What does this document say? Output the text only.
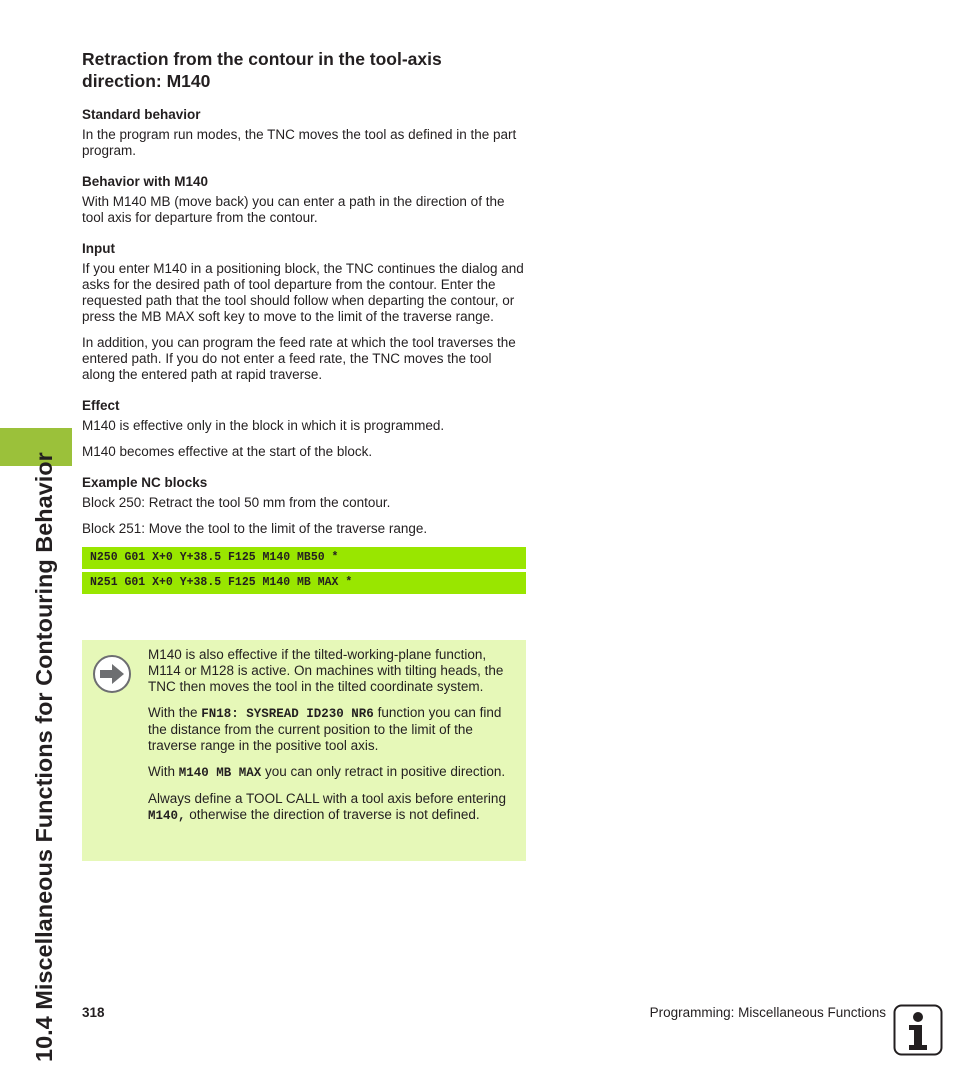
10.4 Miscellaneous Functions for Contouring Behavior
Retraction from the contour in the tool-axis direction: M140
Standard behavior

In the program run modes, the TNC moves the tool as defined in the part program.

Behavior with M140

With M140 MB (move back) you can enter a path in the direction of the tool axis for departure from the contour.

Input

If you enter M140 in a positioning block, the TNC continues the dialog and asks for the desired path of tool departure from the contour. Enter the requested path that the tool should follow when departing the contour, or press the MB MAX soft key to move to the limit of the traverse range.

In addition, you can program the feed rate at which the tool traverses the entered path. If you do not enter a feed rate, the TNC moves the tool along the entered path at rapid traverse.

Effect

M140 is effective only in the block in which it is programmed.

M140 becomes effective at the start of the block.

Example NC blocks

Block 250: Retract the tool 50 mm from the contour.

Block 251: Move the tool to the limit of the traverse range.

N250 G01 X+0 Y+38.5 F125 M140 MB50 *
N251 G01 X+0 Y+38.5 F125 M140 MB MAX *

M140 is also effective if the tilted-working-plane function, M114 or M128 is active. On machines with tilting heads, the TNC then moves the tool in the tilted coordinate system.

With the FN18: SYSREAD ID230 NR6 function you can find the distance from the current position to the limit of the traverse range in the positive tool axis.

With M140 MB MAX you can only retract in positive direction.

Always define a TOOL CALL with a tool axis before entering M140, otherwise the direction of traverse is not defined.

318	Programming: Miscellaneous Functions
